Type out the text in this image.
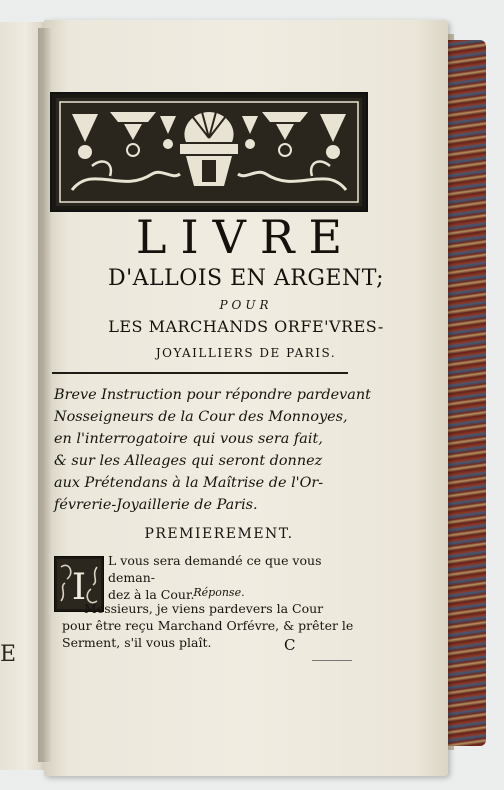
E
LIVRE
D'ALLOIS EN ARGENT;
POUR
LES MARCHANDS ORFE'VRES-
JOYAILLIERS DE PARIS.
Breve Instruction pour répondre pardevant
Nosseigneurs de la Cour des Monnoyes,
en l'interrogatoire qui vous sera fait,
& sur les Alleages qui seront donnez
aux Prétendans à la Maîtrise de l'Or-
févrerie-Joyaillerie de Paris.
PREMIEREMENT.
I
L vous sera demandé ce que vous deman-
dez à la Cour.
Réponse.
Messieurs, je viens pardevers la Cour
pour être reçu Marchand Orfévre, & prêter le
Serment, s'il vous plaît.	C
